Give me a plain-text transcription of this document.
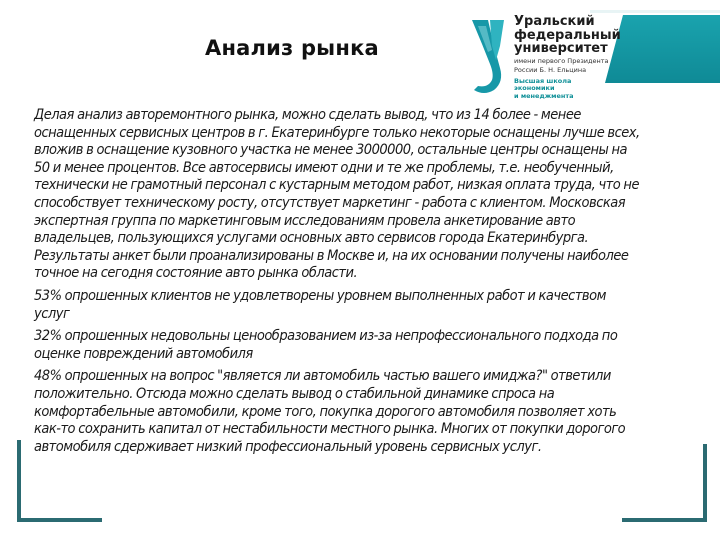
Анализ рынка
Уральский
федеральный
университет
имени первого Президента
России Б. Н. Ельцина
Высшая школа
экономики
и менеджмента

Делая анализ авторемонтного рынка, можно сделать вывод, что из 14 более - менее оснащенных сервисных центров в г. Екатеринбурге только некоторые оснащены лучше всех, вложив в оснащение кузовного участка не менее 3000000, остальные центры оснащены на 50 и менее процентов. Все автосервисы имеют одни и те же проблемы, т.е. необученный, технически не грамотный персонал с кустарным методом работ, низкая оплата труда, что не способствует техническому росту, отсутствует маркетинг - работа с клиентом. Московская экспертная группа по маркетинговым исследованиям провела анкетирование авто владельцев, пользующихся услугами основных авто сервисов города Екатеринбурга. Результаты анкет были проанализированы в Москве и, на их основании получены наиболее точное на сегодня состояние авто рынка области.

53% опрошенных клиентов не удовлетворены уровнем выполненных работ и качеством услуг

32% опрошенных недовольны ценообразованием из-за непрофессионального подхода по оценке повреждений автомобиля

48% опрошенных на вопрос "является ли автомобиль частью вашего имиджа?" ответили положительно. Отсюда можно сделать вывод о стабильной динамике спроса на комфортабельные автомобили, кроме того, покупка дорогого автомобиля позволяет хоть как-то сохранить капитал от нестабильности местного рынка. Многих от покупки дорогого автомобиля сдерживает низкий профессиональный уровень сервисных услуг.
